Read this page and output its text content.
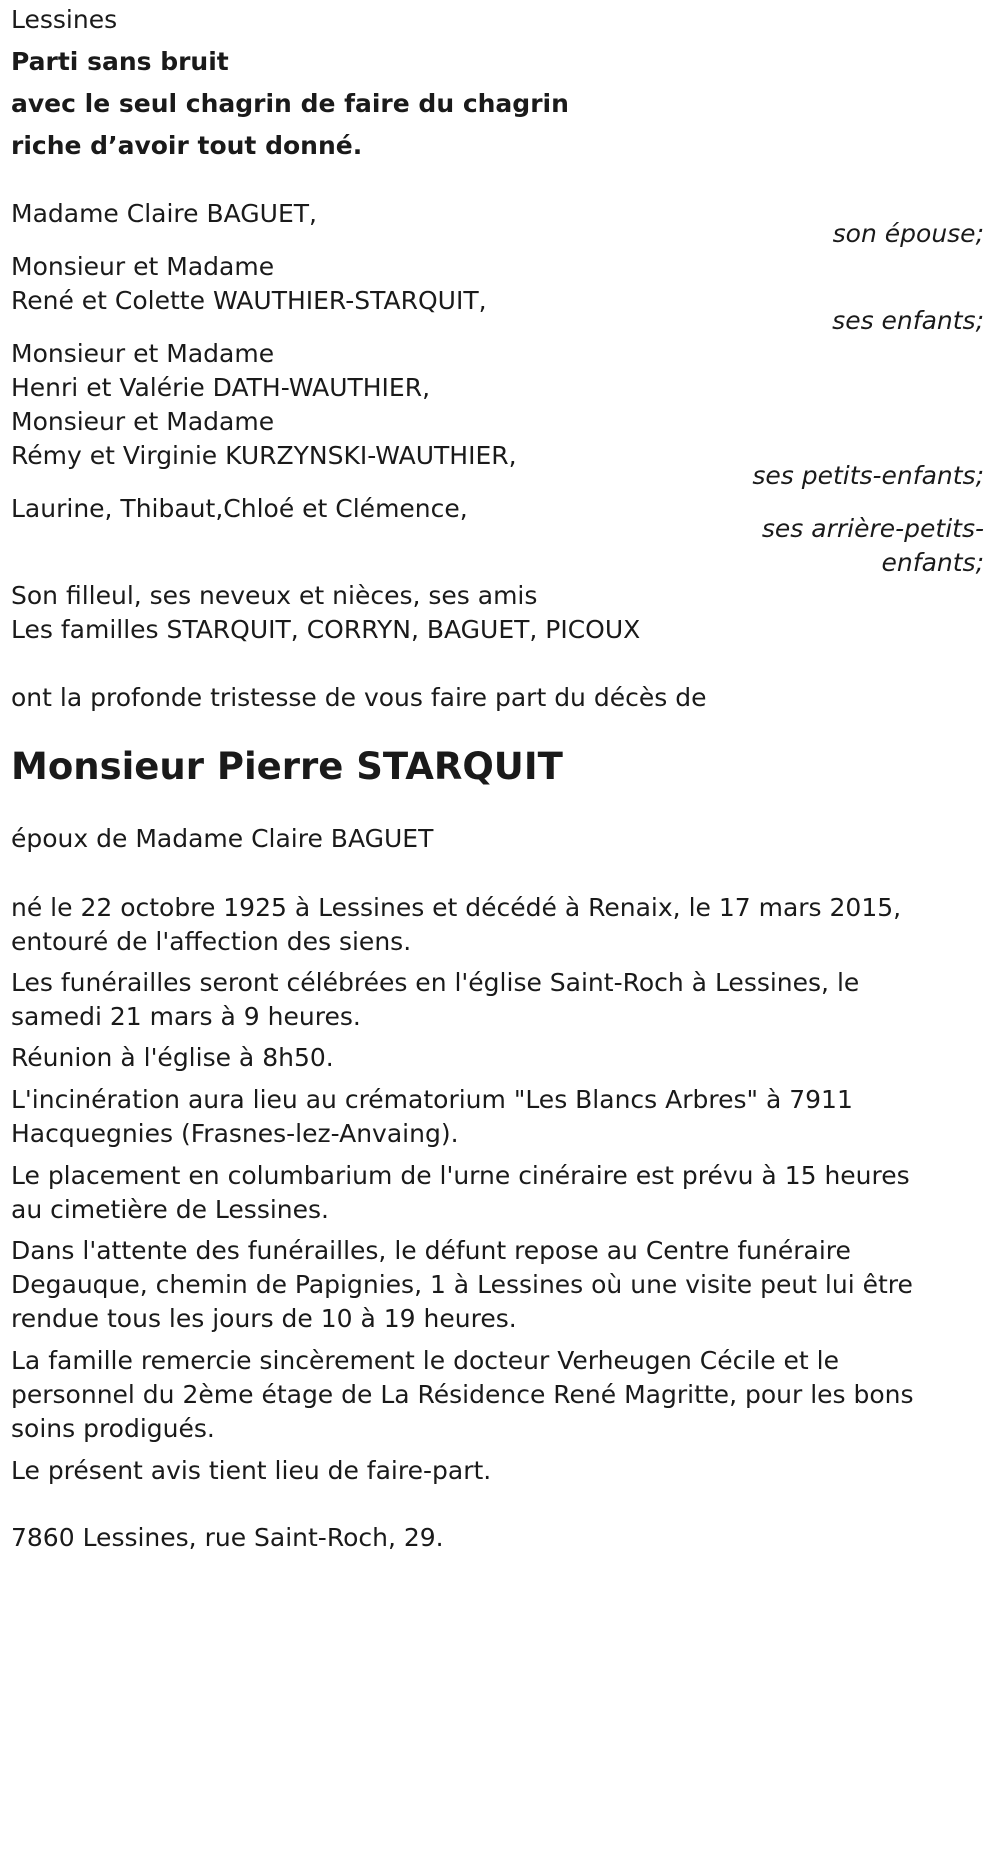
Lessines
Parti sans bruit
avec le seul chagrin de faire du chagrin
riche d’avoir tout donné.
Madame Claire BAGUET,
son épouse;
Monsieur et Madame
René et Colette WAUTHIER-STARQUIT,
ses enfants;
Monsieur et Madame
Henri et Valérie DATH-WAUTHIER,
Monsieur et Madame
Rémy et Virginie KURZYNSKI-WAUTHIER,
ses petits-enfants;
Laurine, Thibaut,Chloé et Clémence,
ses arrière-petits-
enfants;
Son filleul, ses neveux et nièces, ses amis
Les familles STARQUIT, CORRYN, BAGUET, PICOUX
ont la profonde tristesse de vous faire part du décès de
Monsieur Pierre STARQUIT
époux de Madame Claire BAGUET
né le 22 octobre 1925 à Lessines et décédé à Renaix, le 17 mars 2015,
entouré de l'affection des siens.
Les funérailles seront célébrées en l'église Saint-Roch à Lessines, le
samedi 21 mars à 9 heures.
Réunion à l'église à 8h50.
L'incinération aura lieu au crématorium "Les Blancs Arbres" à 7911
Hacquegnies (Frasnes-lez-Anvaing).
Le placement en columbarium de l'urne cinéraire est prévu à 15 heures
au cimetière de Lessines.
Dans l'attente des funérailles, le défunt repose au Centre funéraire
Degauque, chemin de Papignies, 1 à Lessines où une visite peut lui être
rendue tous les jours de 10 à 19 heures.
La famille remercie sincèrement le docteur Verheugen Cécile et le
personnel du 2ème étage de La Résidence René Magritte, pour les bons
soins prodigués.
Le présent avis tient lieu de faire-part.
7860 Lessines, rue Saint-Roch, 29.
